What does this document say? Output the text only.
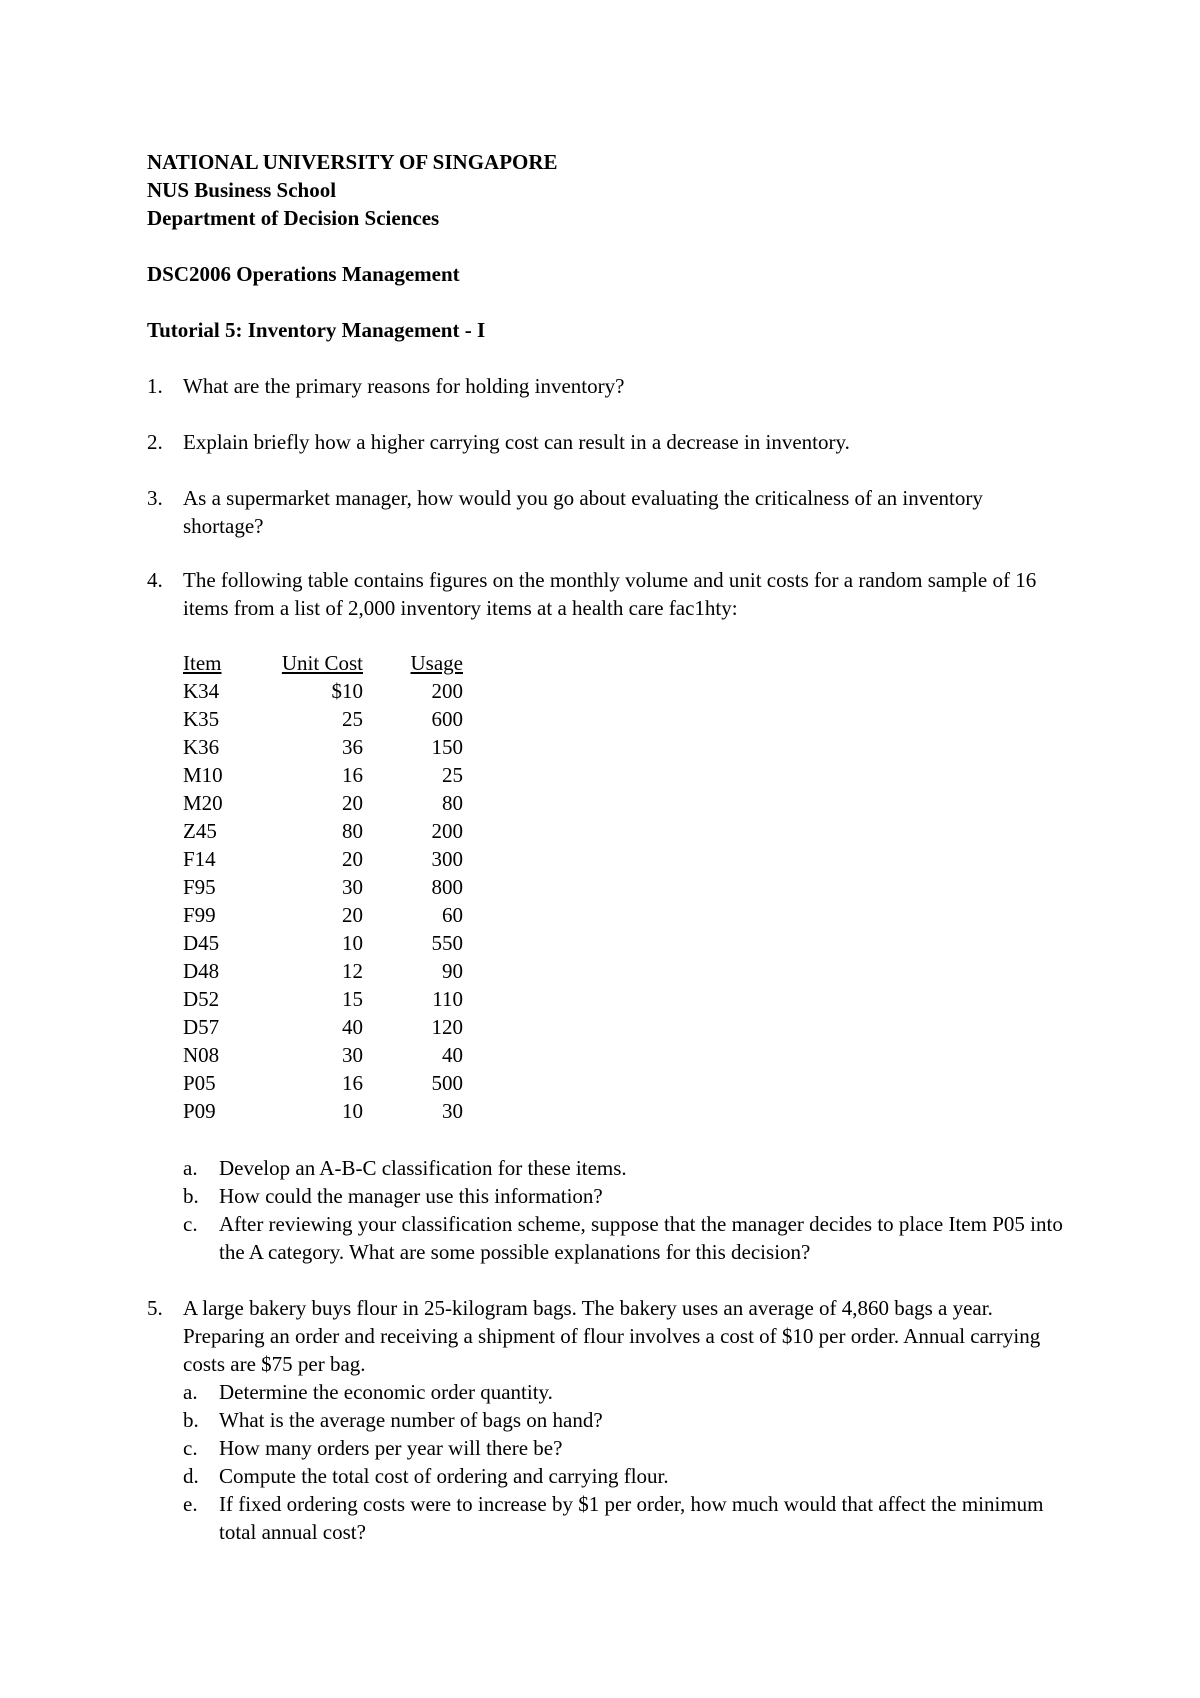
NATIONAL UNIVERSITY OF SINGAPORE
NUS Business School
Department of Decision Sciences
DSC2006 Operations Management
Tutorial 5: Inventory Management - I
1. What are the primary reasons for holding inventory?
2. Explain briefly how a higher carrying cost can result in a decrease in inventory.
3. As a supermarket manager, how would you go about evaluating the criticalness of an inventory shortage?
4. The following table contains figures on the monthly volume and unit costs for a random sample of 16 items from a list of 2,000 inventory items at a health care fac1hty:
Item	Unit Cost	Usage
K34	$10	200
K35	25	600
K36	36	150
M10	16	25
M20	20	80
Z45	80	200
F14	20	300
F95	30	800
F99	20	60
D45	10	550
D48	12	90
D52	15	110
D57	40	120
N08	30	40
P05	16	500
P09	10	30
a. Develop an A-B-C classification for these items.
b. How could the manager use this information?
c. After reviewing your classification scheme, suppose that the manager decides to place Item P05 into the A category. What are some possible explanations for this decision?
5. A large bakery buys flour in 25-kilogram bags. The bakery uses an average of 4,860 bags a year. Preparing an order and receiving a shipment of flour involves a cost of $10 per order. Annual carrying costs are $75 per bag.
a. Determine the economic order quantity.
b. What is the average number of bags on hand?
c. How many orders per year will there be?
d. Compute the total cost of ordering and carrying flour.
e. If fixed ordering costs were to increase by $1 per order, how much would that affect the minimum total annual cost?
